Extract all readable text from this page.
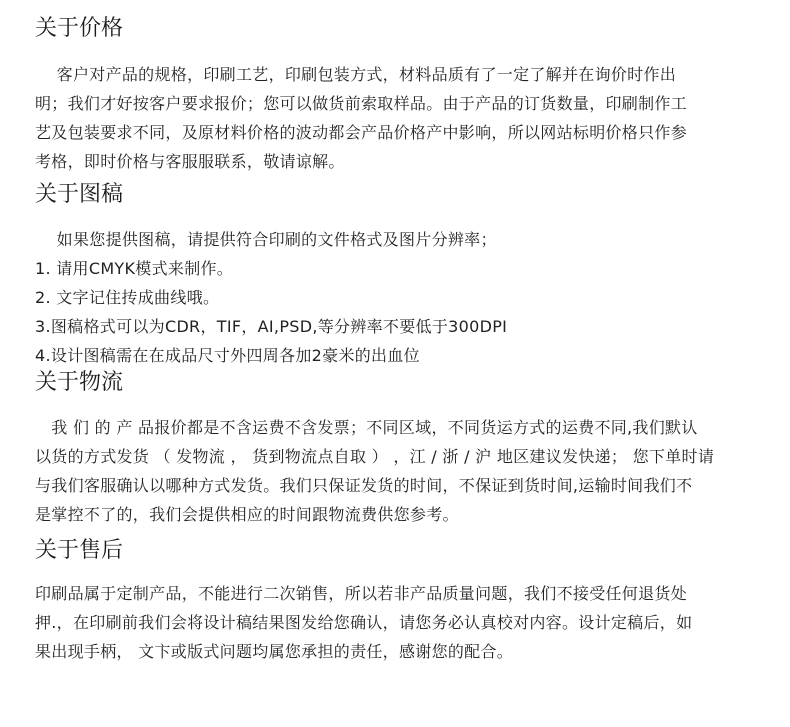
关于价格
　 客户对产品的规格，印刷工艺，印刷包装方式，材料品质有了一定了解并在询价时作出
明；我们才好按客户要求报价；您可以做货前索取样品。由于产品的订货数量，印刷制作工
艺及包装要求不同，及原材料价格的波动都会产品价格产中影响，所以网站标明价格只作参
考格，即时价格与客服服联系，敬请谅解。
关于图稿
　 如果您提供图稿，请提供符合印刷的文件格式及图片分辨率；
1. 请用CMYK模式来制作。
2. 文字记住抟成曲线哦。
3.图稿格式可以为CDR，TIF，AI,PSD,等分辨率不要低于300DPI
4.设计图稿需在在成品尺寸外四周各加2豪米的出血位
关于物流
　我 们 的 产 品报价都是不含运费不含发票；不同区域，不同货运方式的运费不同,我们默认
以货的方式发货 （ 发物流 ， 货到物流点自取 ） ，江 / 浙 / 沪 地区建议发快递； 您下单时请
与我们客服确认以哪种方式发货。我们只保证发货的时间，不保证到货时间,运输时间我们不
是掌控不了的，我们会提供相应的时间跟物流费供您参考。
关于售后
印刷品属于定制产品，不能进行二次销售，所以若非产品质量问题，我们不接受任何退货处
押.，在印刷前我们会将设计稿结果图发给您确认，请您务必认真校对内容。设计定稿后，如
果出现手柄， 文卞或版式问题均属您承担的责任，感谢您的配合。
